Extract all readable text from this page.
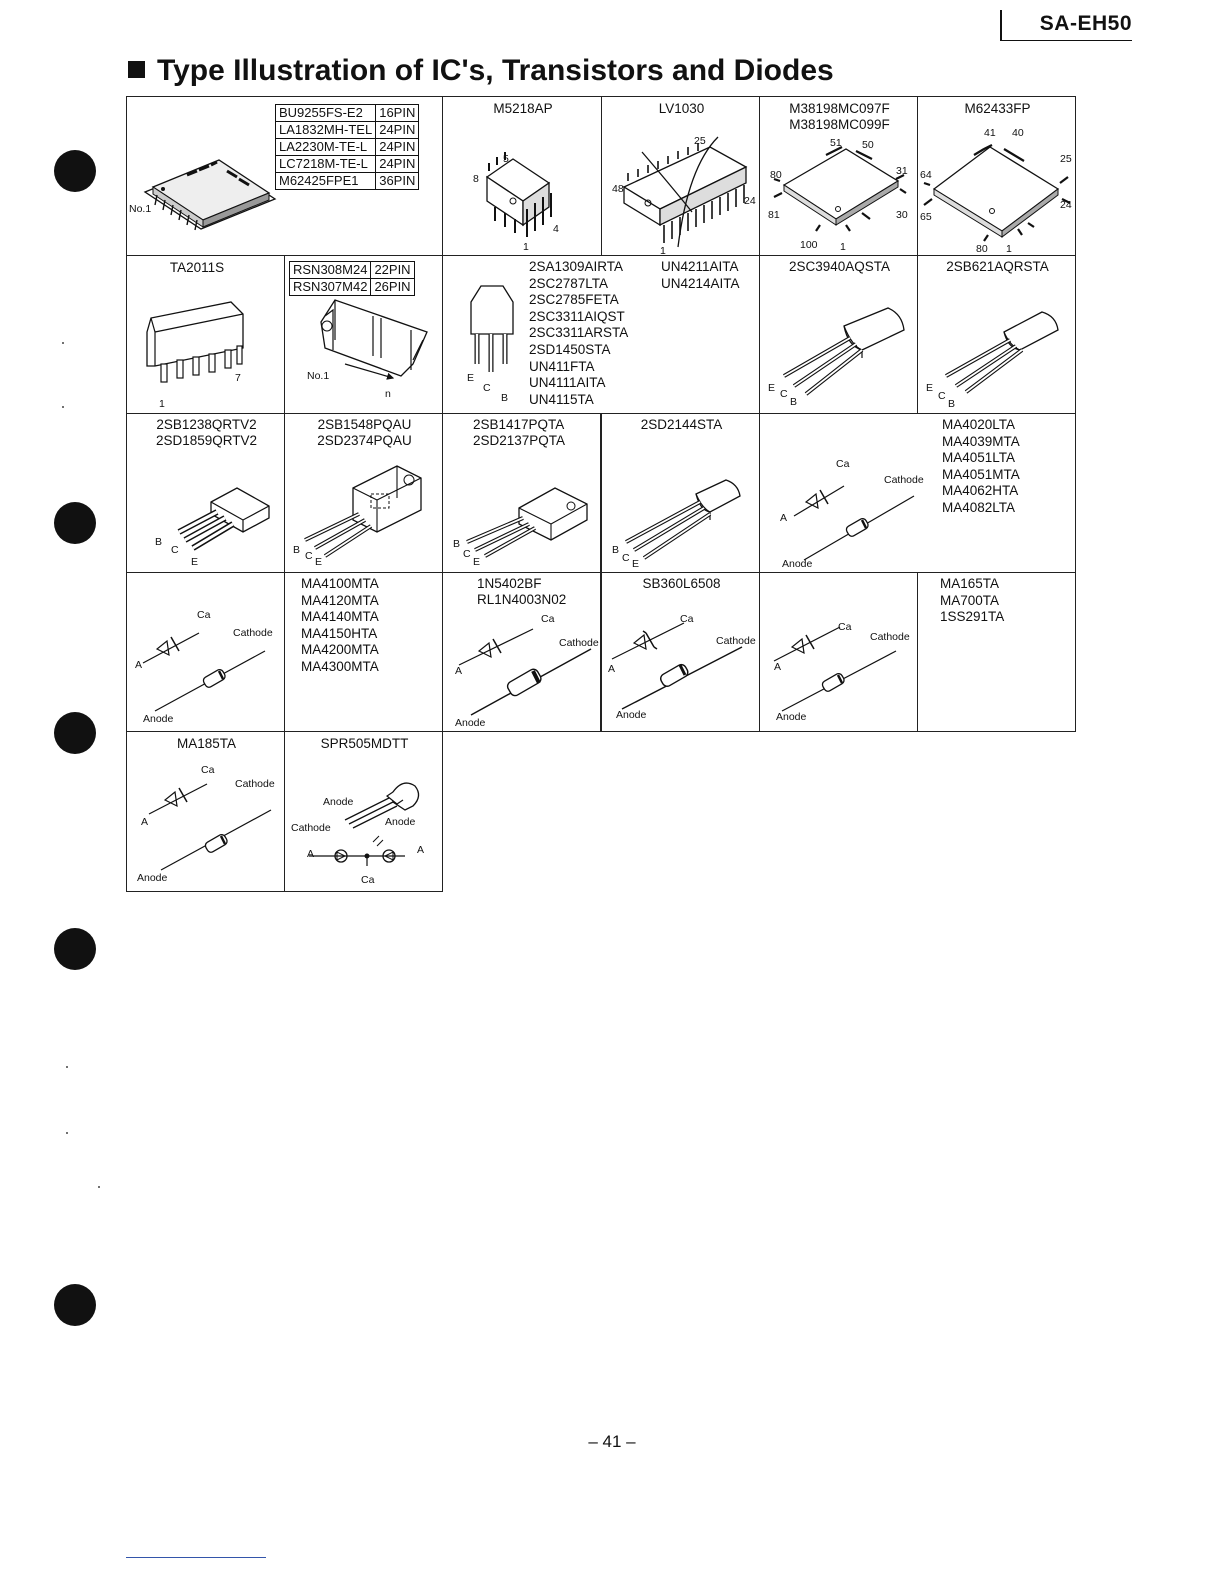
SA-EH50
Type Illustration of IC's, Transistors and Diodes
BU9255FS-E2	16PIN
LA1832MH-TEL	24PIN
LA2230M-TE-L	24PIN
LC7218M-TE-L	24PIN
M62425FPE1	36PIN
No.1
M5218AP
8
5
4
1
LV1030
25
48
24
1
M38198MC097F
M38198MC099F
51 50
80	31
81	30
100 1
M62433FP
41 40
64
25
65
24
80 1
TA2011S
7
1
RSN308M24	22PIN
RSN307M42	26PIN
No.1
n
E
C
B
2SA1309AIRTA
2SC2787LTA
2SC2785FETA
2SC3311AIQST
2SC3311ARSTA
2SD1450STA
UN411FTA
UN4111AITA
UN4115TA
UN4211AITA
UN4214AITA
2SC3940AQSTA
E C
B
2SB621AQRSTA
E
C
B
2SB1238QRTV2
2SD1859QRTV2
B
C
E
2SB1548PQAU
2SD2374PQAU
B C E
2SB1417PQTA
2SD2137PQTA
B
C
E
2SD2144STA
B
C E
Ca
Cathode
A
Anode
MA4020LTA
MA4039MTA
MA4051LTA
MA4051MTA
MA4062HTA
MA4082LTA
Ca
Cathode
A
Anode
MA4100MTA
MA4120MTA
MA4140MTA
MA4150HTA
MA4200MTA
MA4300MTA
1N5402BF
RL1N4003N02
Ca
Cathode
A
Anode
SB360L6508
Ca
Cathode
A
Anode
Ca
Cathode
A
Anode
MA165TA
MA700TA
1SS291TA
MA185TA
Ca
Cathode
A
Anode
SPR505MDTT
Anode
Cathode	Anode
A	A
Ca
– 41 –
